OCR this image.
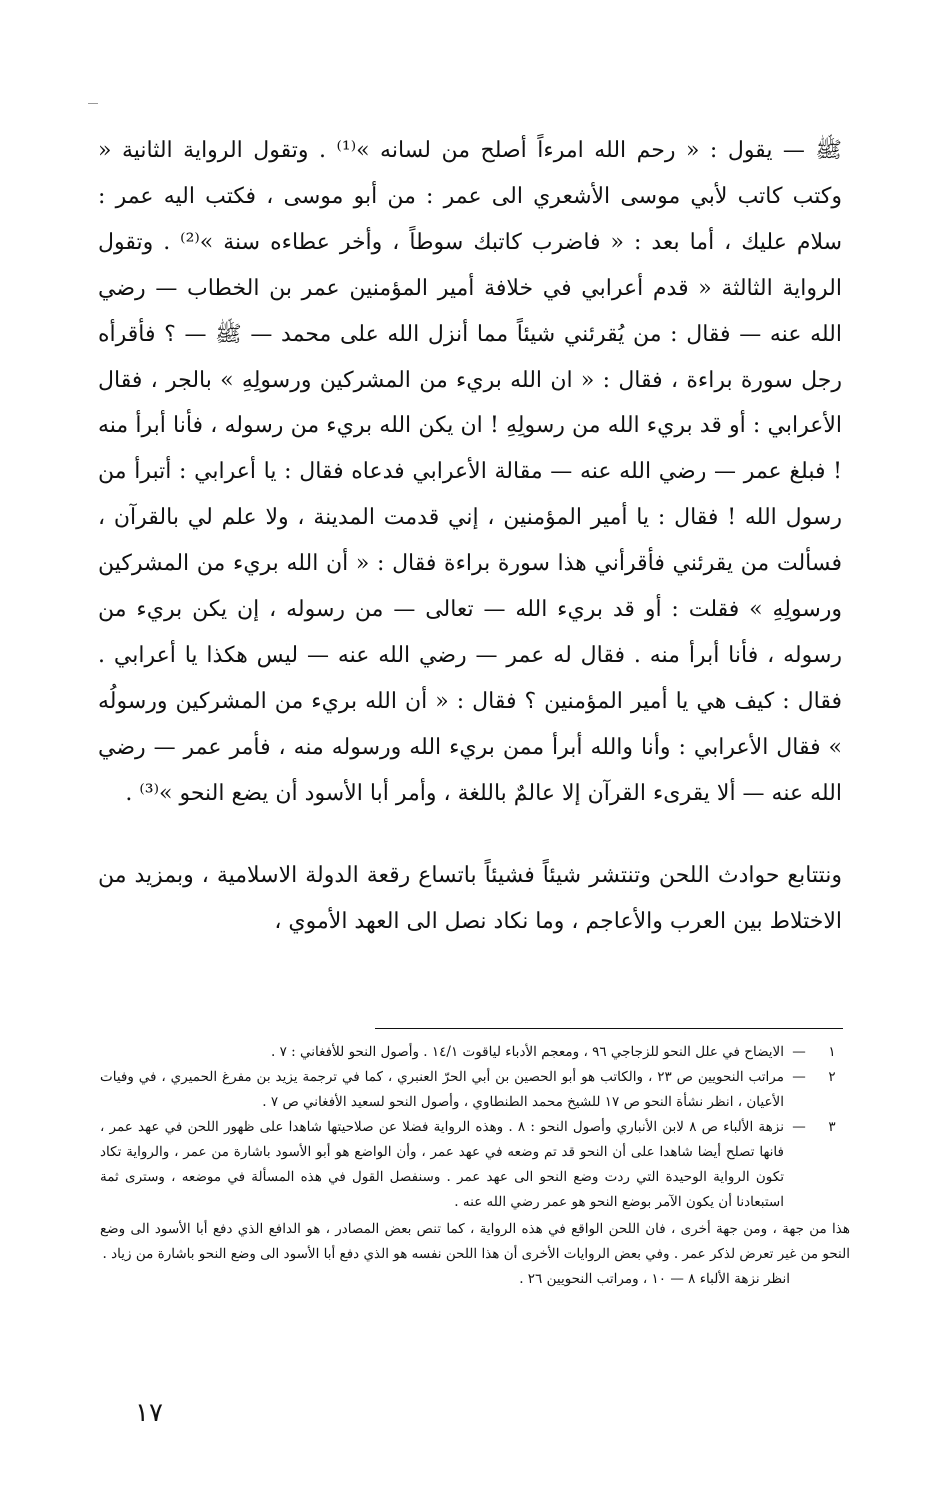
ﷺ — يقول : « رحم الله امرءاً أصلح من لسانه »⁽¹⁾ . وتقول الرواية الثانية « وكتب كاتب لأبي موسى الأشعري الى عمر : من أبو موسى ، فكتب اليه عمر : سلام عليك ، أما بعد : « فاضرب كاتبك سوطاً ، وأخر عطاءه سنة »⁽²⁾ . وتقول الرواية الثالثة « قدم أعرابي في خلافة أمير المؤمنين عمر بن الخطاب — رضي الله عنه — فقال : من يُقرئني شيئاً مما أنزل الله على محمد — ﷺ — ؟ فأقرأه رجل سورة براءة ، فقال : « ان الله بريء من المشركين ورسولِهِ » بالجر ، فقال الأعرابي : أو قد بريء الله من رسولِهِ ! ان يكن الله بريء من رسوله ، فأنا أبرأ منه ! فبلغ عمر — رضي الله عنه — مقالة الأعرابي فدعاه فقال : يا أعرابي : أتبرأ من رسول الله ! فقال : يا أمير المؤمنين ، إني قدمت المدينة ، ولا علم لي بالقرآن ، فسألت من يقرئني فأقرأني هذا سورة براءة فقال : « أن الله بريء من المشركين ورسولِهِ » فقلت : أو قد بريء الله — تعالى — من رسوله ، إن يكن بريء من رسوله ، فأنا أبرأ منه . فقال له عمر — رضي الله عنه — ليس هكذا يا أعرابي . فقال : كيف هي يا أمير المؤمنين ؟ فقال : « أن الله بريء من المشركين ورسولُه » فقال الأعرابي : وأنا والله أبرأ ممن بريء الله ورسوله منه ، فأمر عمر — رضي الله عنه — ألا يقرىء القرآن إلا عالمٌ باللغة ، وأمر أبا الأسود أن يضع النحو »⁽³⁾ .

ونتتابع حوادث اللحن وتنتشر شيئاً فشيئاً باتساع رقعة الدولة الاسلامية ، وبمزيد من الاختلاط بين العرب والأعاجم ، وما نكاد نصل الى العهد الأموي ،

١
—
الايضاح في علل النحو للزجاجي ٩٦ ، ومعجم الأدباء لياقوت ١٤/١ . وأصول النحو للأفغاني : ٧ .
٢
—
مراتب النحويين ص ٢٣ ، والكاتب هو أبو الحصين بن أبي الحرّ العنبري ، كما في ترجمة يزيد بن مفرغ الحميري ، في وفيات الأعيان ، انظر نشأة النحو ص ١٧ للشيخ محمد الطنطاوي ، وأصول النحو لسعيد الأفغاني ص ٧ .
٣
—
نزهة الألباء ص ٨ لابن الأنباري وأصول النحو : ٨ . وهذه الرواية فضلا عن صلاحيتها شاهدا على ظهور اللحن في عهد عمر ، فانها تصلح أيضا شاهدا على أن النحو قد تم وضعه في عهد عمر ، وأن الواضع هو أبو الأسود باشارة من عمر ، والرواية تكاد تكون الرواية الوحيدة التي ردت وضع النحو الى عهد عمر . وسنفصل القول في هذه المسألة في موضعه ، وسترى ثمة استبعادنا أن يكون الآمر بوضع النحو هو عمر رضي الله عنه .
هذا من جهة ، ومن جهة أخرى ، فان اللحن الواقع في هذه الرواية ، كما تنص بعض المصادر ، هو الدافع الذي دفع أبا الأسود الى وضع النحو من غير تعرض لذكر عمر . وفي بعض الروايات الأخرى أن هذا اللحن نفسه هو الذي دفع أبا الأسود الى وضع النحو باشارة من زياد .
انظر نزهة الألباء ٨ — ١٠ ، ومراتب النحويين ٢٦ .
١٧
